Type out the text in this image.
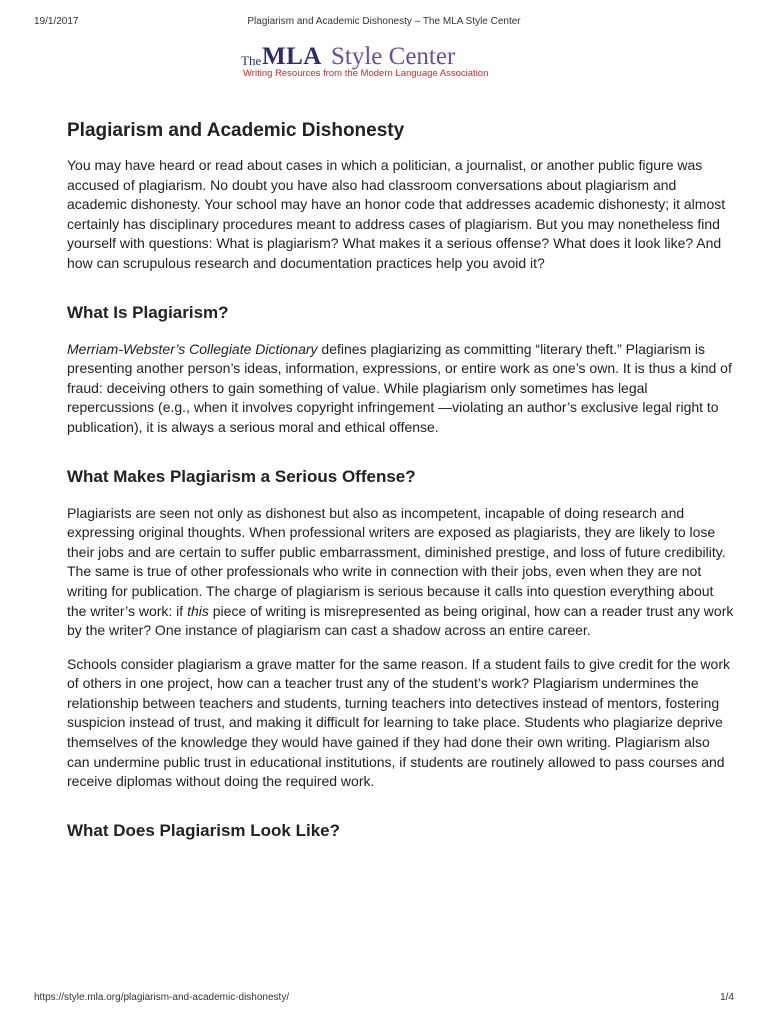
19/1/2017	Plagiarism and Academic Dishonesty – The MLA Style Center
The MLA Style Center
Writing Resources from the Modern Language Association
Plagiarism and Academic Dishonesty

You may have heard or read about cases in which a politician, a journalist, or another public figure was accused of plagiarism. No doubt you have also had classroom conversations about plagiarism and academic dishonesty. Your school may have an honor code that addresses academic dishonesty; it almost certainly has disciplinary procedures meant to address cases of plagiarism. But you may nonetheless find yourself with questions: What is plagiarism? What makes it a serious offense? What does it look like? And how can scrupulous research and documentation practices help you avoid it?

What Is Plagiarism?

Merriam-Webster’s Collegiate Dictionary defines plagiarizing as committing “literary theft.” Plagiarism is presenting another person’s ideas, information, expressions, or entire work as one’s own. It is thus a kind of fraud: deceiving others to gain something of value. While plagiarism only sometimes has legal repercussions (e.g., when it involves copyright infringement —violating an author’s exclusive legal right to publication), it is always a serious moral and ethical offense.

What Makes Plagiarism a Serious Offense?

Plagiarists are seen not only as dishonest but also as incompetent, incapable of doing research and expressing original thoughts. When professional writers are exposed as plagiarists, they are likely to lose their jobs and are certain to suffer public embarrassment, diminished prestige, and loss of future credibility. The same is true of other professionals who write in connection with their jobs, even when they are not writing for publication. The charge of plagiarism is serious because it calls into question everything about the writer’s work: if this piece of writing is misrepresented as being original, how can a reader trust any work by the writer? One instance of plagiarism can cast a shadow across an entire career.

Schools consider plagiarism a grave matter for the same reason. If a student fails to give credit for the work of others in one project, how can a teacher trust any of the student’s work? Plagiarism undermines the relationship between teachers and students, turning teachers into detectives instead of mentors, fostering suspicion instead of trust, and making it difficult for learning to take place. Students who plagiarize deprive themselves of the knowledge they would have gained if they had done their own writing. Plagiarism also can undermine public trust in educational institutions, if students are routinely allowed to pass courses and receive diplomas without doing the required work.

What Does Plagiarism Look Like?
https://style.mla.org/plagiarism-and-academic-dishonesty/	1/4
